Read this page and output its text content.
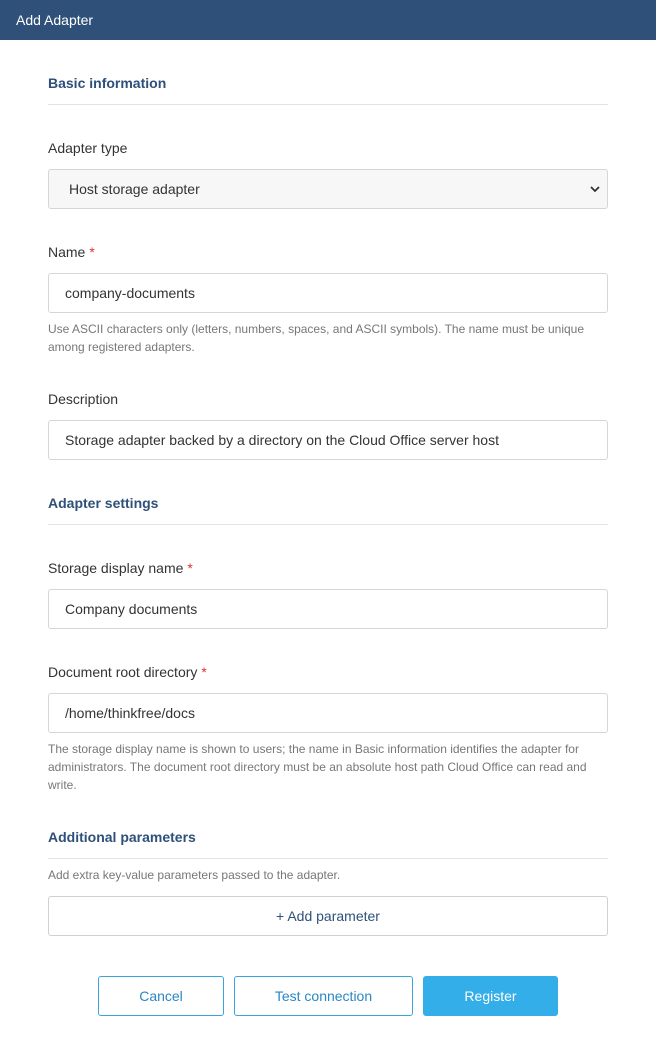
Add Adapter
Basic information
Adapter type
Host storage adapter
Name *
company-documents
Use ASCII characters only (letters, numbers, spaces, and ASCII symbols). The name must be unique among registered adapters.
Description
Storage adapter backed by a directory on the Cloud Office server host
Adapter settings
Storage display name *
Company documents
Document root directory *
/home/thinkfree/docs
The storage display name is shown to users; the name in Basic information identifies the adapter for administrators. The document root directory must be an absolute host path Cloud Office can read and write.
Additional parameters
Add extra key-value parameters passed to the adapter.
+ Add parameter
Cancel	Test connection	Register
